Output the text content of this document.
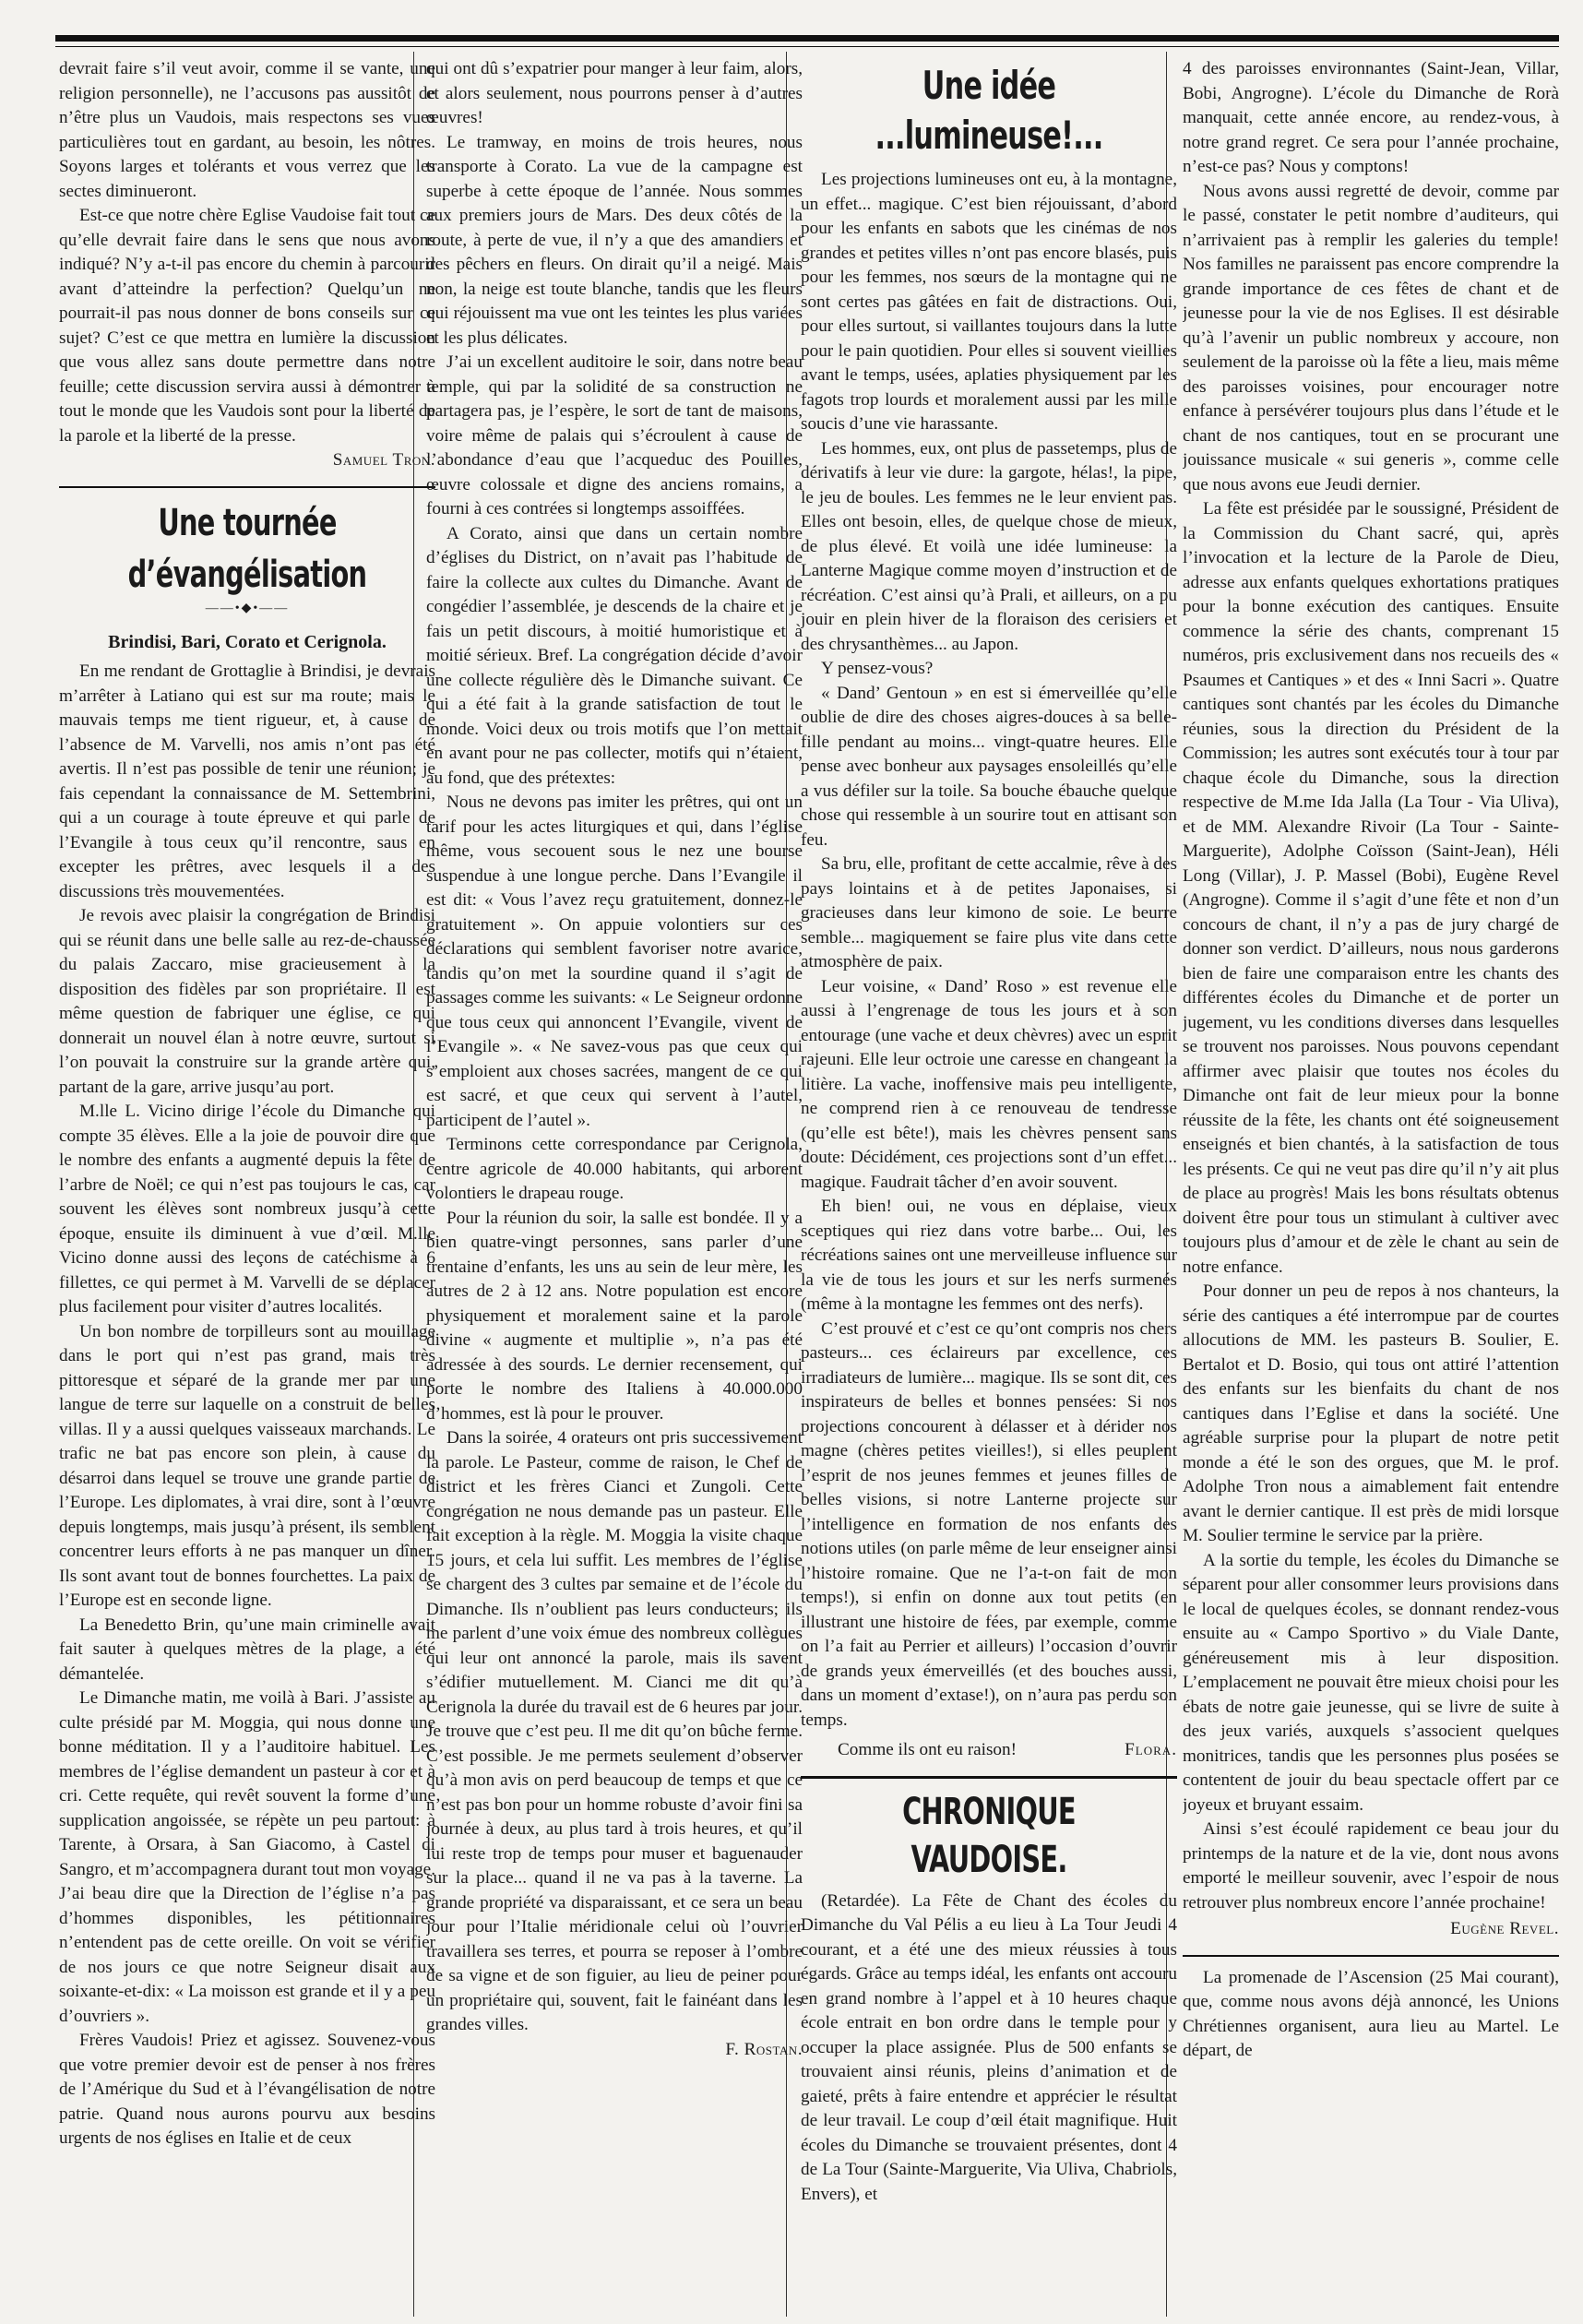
devrait faire s’il veut avoir, comme il se vante, une religion personnelle), ne l’accusons pas aussitôt de n’être plus un Vaudois, mais respectons ses vues particulières tout en gardant, au besoin, les nôtres. Soyons larges et tolérants et vous verrez que les sectes diminueront.

Est-ce que notre chère Eglise Vaudoise fait tout ce qu’elle devrait faire dans le sens que nous avons indiqué? N’y a-t-il pas encore du chemin à parcourir avant d’atteindre la perfection? Quelqu’un ne pourrait-il pas nous donner de bons conseils sur ce sujet? C’est ce que mettra en lumière la discussion que vous allez sans doute permettre dans notre feuille; cette discussion servira aussi à démontrer à tout le monde que les Vaudois sont pour la liberté de la parole et la liberté de la presse.

Samuel Tron.

Une tournée d’évangélisation
——•◆•——
Brindisi, Bari, Corato et Cerignola.

En me rendant de Grottaglie à Brindisi, je devrais m’arrêter à Latiano qui est sur ma route; mais le mauvais temps me tient rigueur, et, à cause de l’absence de M. Varvelli, nos amis n’ont pas été avertis. Il n’est pas possible de tenir une réunion; je fais cependant la connaissance de M. Settembrini, qui a un courage à toute épreuve et qui parle de l’Evangile à tous ceux qu’il rencontre, saus en excepter les prêtres, avec lesquels il a des discussions très mouvementées.

Je revois avec plaisir la congrégation de Brindisi qui se réunit dans une belle salle au rez-de-chaussée du palais Zaccaro, mise gracieusement à la disposition des fidèles par son propriétaire. Il est même question de fabriquer une église, ce qui donnerait un nouvel élan à notre œuvre, surtout si l’on pouvait la construire sur la grande artère qui, partant de la gare, arrive jusqu’au port.

M.lle L. Vicino dirige l’école du Dimanche qui compte 35 élèves. Elle a la joie de pouvoir dire que le nombre des enfants a augmenté depuis la fête de l’arbre de Noël; ce qui n’est pas toujours le cas, car souvent les élèves sont nombreux jusqu’à cette époque, ensuite ils diminuent à vue d’œil. M.lle Vicino donne aussi des leçons de catéchisme à 6 fillettes, ce qui permet à M. Varvelli de se déplacer plus facilement pour visiter d’autres localités.

Un bon nombre de torpilleurs sont au mouillage dans le port qui n’est pas grand, mais très pittoresque et séparé de la grande mer par une langue de terre sur laquelle on a construit de belles villas. Il y a aussi quelques vaisseaux marchands. Le trafic ne bat pas encore son plein, à cause du désarroi dans lequel se trouve une grande partie de l’Europe. Les diplomates, à vrai dire, sont à l’œuvre depuis longtemps, mais jusqu’à présent, ils semblent concentrer leurs efforts à ne pas manquer un dîner. Ils sont avant tout de bonnes fourchettes. La paix de l’Europe est en seconde ligne.

La Benedetto Brin, qu’une main criminelle avait fait sauter à quelques mètres de la plage, a été démantelée.

Le Dimanche matin, me voilà à Bari. J’assiste au culte présidé par M. Moggia, qui nous donne une bonne méditation. Il y a l’auditoire habituel. Les membres de l’église demandent un pasteur à cor et à cri. Cette requête, qui revêt souvent la forme d’une supplication angoissée, se répète un peu partout: à Tarente, à Orsara, à San Giacomo, à Castel di Sangro, et m’accompagnera durant tout mon voyage. J’ai beau dire que la Direction de l’église n’a pas d’hommes disponibles, les pétitionnaires n’entendent pas de cette oreille. On voit se vérifier de nos jours ce que notre Seigneur disait aux soixante-et-dix: « La moisson est grande et il y a peu d’ouvriers ».

Frères Vaudois! Priez et agissez. Souvenez-vous que votre premier devoir est de penser à nos frères de l’Amérique du Sud et à l’évangélisation de notre patrie. Quand nous aurons pourvu aux besoins urgents de nos églises en Italie et de ceux

qui ont dû s’expatrier pour manger à leur faim, alors, et alors seulement, nous pourrons penser à d’autres œuvres!

Le tramway, en moins de trois heures, nous transporte à Corato. La vue de la campagne est superbe à cette époque de l’année. Nous sommes aux premiers jours de Mars. Des deux côtés de la route, à perte de vue, il n’y a que des amandiers et des pêchers en fleurs. On dirait qu’il a neigé. Mais non, la neige est toute blanche, tandis que les fleurs qui réjouissent ma vue ont les teintes les plus variées et les plus délicates.

J’ai un excellent auditoire le soir, dans notre beau temple, qui par la solidité de sa construction ne partagera pas, je l’espère, le sort de tant de maisons, voire même de palais qui s’écroulent à cause de l’abondance d’eau que l’acqueduc des Pouilles, œuvre colossale et digne des anciens romains, a fourni à ces contrées si longtemps assoiffées.

A Corato, ainsi que dans un certain nombre d’églises du District, on n’avait pas l’habitude de faire la collecte aux cultes du Dimanche. Avant de congédier l’assemblée, je descends de la chaire et je fais un petit discours, à moitié humoristique et à moitié sérieux. Bref. La congrégation décide d’avoir une collecte régulière dès le Dimanche suivant. Ce qui a été fait à la grande satisfaction de tout le monde. Voici deux ou trois motifs que l’on mettait en avant pour ne pas collecter, motifs qui n’étaient, au fond, que des prétextes:

Nous ne devons pas imiter les prêtres, qui ont un tarif pour les actes liturgiques et qui, dans l’église même, vous secouent sous le nez une bourse suspendue à une longue perche. Dans l’Evangile il est dit: « Vous l’avez reçu gratuitement, donnez-le gratuitement ». On appuie volontiers sur ces déclarations qui semblent favoriser notre avarice, tandis qu’on met la sourdine quand il s’agit de passages comme les suivants: « Le Seigneur ordonne que tous ceux qui annoncent l’Evangile, vivent de l’Evangile ». « Ne savez-vous pas que ceux qui s’emploient aux choses sacrées, mangent de ce qui est sacré, et que ceux qui servent à l’autel, participent de l’autel ».

Terminons cette correspondance par Cerignola, centre agricole de 40.000 habitants, qui arborent volontiers le drapeau rouge.

Pour la réunion du soir, la salle est bondée. Il y a bien quatre-vingt personnes, sans parler d’une trentaine d’enfants, les uns au sein de leur mère, les autres de 2 à 12 ans. Notre population est encore physiquement et moralement saine et la parole divine « augmente et multiplie », n’a pas été adressée à des sourds. Le dernier recensement, qui porte le nombre des Italiens à 40.000.000 d’hommes, est là pour le prouver.

Dans la soirée, 4 orateurs ont pris successivement la parole. Le Pasteur, comme de raison, le Chef de district et les frères Cianci et Zungoli. Cette congrégation ne nous demande pas un pasteur. Elle fait exception à la règle. M. Moggia la visite chaque 15 jours, et cela lui suffit. Les membres de l’église se chargent des 3 cultes par semaine et de l’école du Dimanche. Ils n’oublient pas leurs conducteurs; ils me parlent d’une voix émue des nombreux collègues qui leur ont annoncé la parole, mais ils savent s’édifier mutuellement. M. Cianci me dit qu’à Cerignola la durée du travail est de 6 heures par jour. Je trouve que c’est peu. Il me dit qu’on bûche ferme. C’est possible. Je me permets seulement d’observer qu’à mon avis on perd beaucoup de temps et que ce n’est pas bon pour un homme robuste d’avoir fini sa journée à deux, au plus tard à trois heures, et qu’il lui reste trop de temps pour muser et baguenauder sur la place... quand il ne va pas à la taverne. La grande propriété va disparaissant, et ce sera un beau jour pour l’Italie méridionale celui où l’ouvrier travaillera ses terres, et pourra se reposer à l’ombre de sa vigne et de son figuier, au lieu de peiner pour un propriétaire qui, souvent, fait le fainéant dans les grandes villes.

F. Rostan.

Une idée ...lumineuse!...

Les projections lumineuses ont eu, à la montagne, un effet... magique. C’est bien réjouissant, d’abord pour les enfants en sabots que les cinémas de nos grandes et petites villes n’ont pas encore blasés, puis pour les femmes, nos sœurs de la montagne qui ne sont certes pas gâtées en fait de distractions. Oui, pour elles surtout, si vaillantes toujours dans la lutte pour le pain quotidien. Pour elles si souvent vieillies avant le temps, usées, aplaties physiquement par les fagots trop lourds et moralement aussi par les mille soucis d’une vie harassante.

Les hommes, eux, ont plus de passetemps, plus de dérivatifs à leur vie dure: la gargote, hélas!, la pipe, le jeu de boules. Les femmes ne le leur envient pas. Elles ont besoin, elles, de quelque chose de mieux, de plus élevé. Et voilà une idée lumineuse: la Lanterne Magique comme moyen d’instruction et de récréation. C’est ainsi qu’à Prali, et ailleurs, on a pu jouir en plein hiver de la floraison des cerisiers et des chrysanthèmes... au Japon.

Y pensez-vous?

« Dand’ Gentoun » en est si émerveillée qu’elle oublie de dire des choses aigres-douces à sa belle-fille pendant au moins... vingt-quatre heures. Elle pense avec bonheur aux paysages ensoleillés qu’elle a vus défiler sur la toile. Sa bouche ébauche quelque chose qui ressemble à un sourire tout en attisant son feu.

Sa bru, elle, profitant de cette accalmie, rêve à des pays lointains et à de petites Japonaises, si gracieuses dans leur kimono de soie. Le beurre semble... magiquement se faire plus vite dans cette atmosphère de paix.

Leur voisine, « Dand’ Roso » est revenue elle aussi à l’engrenage de tous les jours et à son entourage (une vache et deux chèvres) avec un esprit rajeuni. Elle leur octroie une caresse en changeant la litière. La vache, inoffensive mais peu intelligente, ne comprend rien à ce renouveau de tendresse (qu’elle est bête!), mais les chèvres pensent sans doute: Décidément, ces projections sont d’un effet... magique. Faudrait tâcher d’en avoir souvent.

Eh bien! oui, ne vous en déplaise, vieux sceptiques qui riez dans votre barbe... Oui, les récréations saines ont une merveilleuse influence sur la vie de tous les jours et sur les nerfs surmenés (même à la montagne les femmes ont des nerfs).

C’est prouvé et c’est ce qu’ont compris nos chers pasteurs... ces éclaireurs par excellence, ces irradiateurs de lumière... magique. Ils se sont dit, ces inspirateurs de belles et bonnes pensées: Si nos projections concourent à délasser et à dérider nos magne (chères petites vieilles!), si elles peuplent l’esprit de nos jeunes femmes et jeunes filles de belles visions, si notre Lanterne projecte sur l’intelligence en formation de nos enfants des notions utiles (on parle même de leur enseigner ainsi l’histoire romaine. Que ne l’a-t-on fait de mon temps!), si enfin on donne aux tout petits (en illustrant une histoire de fées, par exemple, comme on l’a fait au Perrier et ailleurs) l’occasion d’ouvrir de grands yeux émerveillés (et des bouches aussi, dans un moment d’extase!), on n’aura pas perdu son temps.

Comme ils ont eu raison!	Flora.
CHRONIQUE VAUDOISE.

(Retardée). La Fête de Chant des écoles du Dimanche du Val Pélis a eu lieu à La Tour Jeudi 4 courant, et a été une des mieux réussies à tous égards. Grâce au temps idéal, les enfants ont accouru en grand nombre à l’appel et à 10 heures chaque école entrait en bon ordre dans le temple pour y occuper la place assignée. Plus de 500 enfants se trouvaient ainsi réunis, pleins d’animation et de gaieté, prêts à faire entendre et apprécier le résultat de leur travail. Le coup d’œil était magnifique. Huit écoles du Dimanche se trouvaient présentes, dont 4 de La Tour (Sainte-Marguerite, Via Uliva, Chabriols, Envers), et

4 des paroisses environnantes (Saint-Jean, Villar, Bobi, Angrogne). L’école du Dimanche de Rorà manquait, cette année encore, au rendez-vous, à notre grand regret. Ce sera pour l’année prochaine, n’est-ce pas? Nous y comptons!

Nous avons aussi regretté de devoir, comme par le passé, constater le petit nombre d’auditeurs, qui n’arrivaient pas à remplir les galeries du temple! Nos familles ne paraissent pas encore comprendre la grande importance de ces fêtes de chant et de jeunesse pour la vie de nos Eglises. Il est désirable qu’à l’avenir un public nombreux y accoure, non seulement de la paroisse où la fête a lieu, mais même des paroisses voisines, pour encourager notre enfance à persévérer toujours plus dans l’étude et le chant de nos cantiques, tout en se procurant une jouissance musicale « sui generis », comme celle que nous avons eue Jeudi dernier.

La fête est présidée par le soussigné, Président de la Commission du Chant sacré, qui, après l’invocation et la lecture de la Parole de Dieu, adresse aux enfants quelques exhortations pratiques pour la bonne exécution des cantiques. Ensuite commence la série des chants, comprenant 15 numéros, pris exclusivement dans nos recueils des « Psaumes et Cantiques » et des « Inni Sacri ». Quatre cantiques sont chantés par les écoles du Dimanche réunies, sous la direction du Président de la Commission; les autres sont exécutés tour à tour par chaque école du Dimanche, sous la direction respective de M.me Ida Jalla (La Tour - Via Uliva), et de MM. Alexandre Rivoir (La Tour - Sainte-Marguerite), Adolphe Coïsson (Saint-Jean), Héli Long (Villar), J. P. Massel (Bobi), Eugène Revel (Angrogne). Comme il s’agit d’une fête et non d’un concours de chant, il n’y a pas de jury chargé de donner son verdict. D’ailleurs, nous nous garderons bien de faire une comparaison entre les chants des différentes écoles du Dimanche et de porter un jugement, vu les conditions diverses dans lesquelles se trouvent nos paroisses. Nous pouvons cependant affirmer avec plaisir que toutes nos écoles du Dimanche ont fait de leur mieux pour la bonne réussite de la fête, les chants ont été soigneusement enseignés et bien chantés, à la satisfaction de tous les présents. Ce qui ne veut pas dire qu’il n’y ait plus de place au progrès! Mais les bons résultats obtenus doivent être pour tous un stimulant à cultiver avec toujours plus d’amour et de zèle le chant au sein de notre enfance.

Pour donner un peu de repos à nos chanteurs, la série des cantiques a été interrompue par de courtes allocutions de MM. les pasteurs B. Soulier, E. Bertalot et D. Bosio, qui tous ont attiré l’attention des enfants sur les bienfaits du chant de nos cantiques dans l’Eglise et dans la société. Une agréable surprise pour la plupart de notre petit monde a été le son des orgues, que M. le prof. Adolphe Tron nous a aimablement fait entendre avant le dernier cantique. Il est près de midi lorsque M. Soulier termine le service par la prière.

A la sortie du temple, les écoles du Dimanche se séparent pour aller consommer leurs provisions dans le local de quelques écoles, se donnant rendez-vous ensuite au « Campo Sportivo » du Viale Dante, généreusement mis à leur disposition. L’emplacement ne pouvait être mieux choisi pour les ébats de notre gaie jeunesse, qui se livre de suite à des jeux variés, auxquels s’associent quelques monitrices, tandis que les personnes plus posées se contentent de jouir du beau spectacle offert par ce joyeux et bruyant essaim.

Ainsi s’est écoulé rapidement ce beau jour du printemps de la nature et de la vie, dont nous avons emporté le meilleur souvenir, avec l’espoir de nous retrouver plus nombreux encore l’année prochaine!

Eugène Revel.

La promenade de l’Ascension (25 Mai courant), que, comme nous avons déjà annoncé, les Unions Chrétiennes organisent, aura lieu au Martel. Le départ, de
